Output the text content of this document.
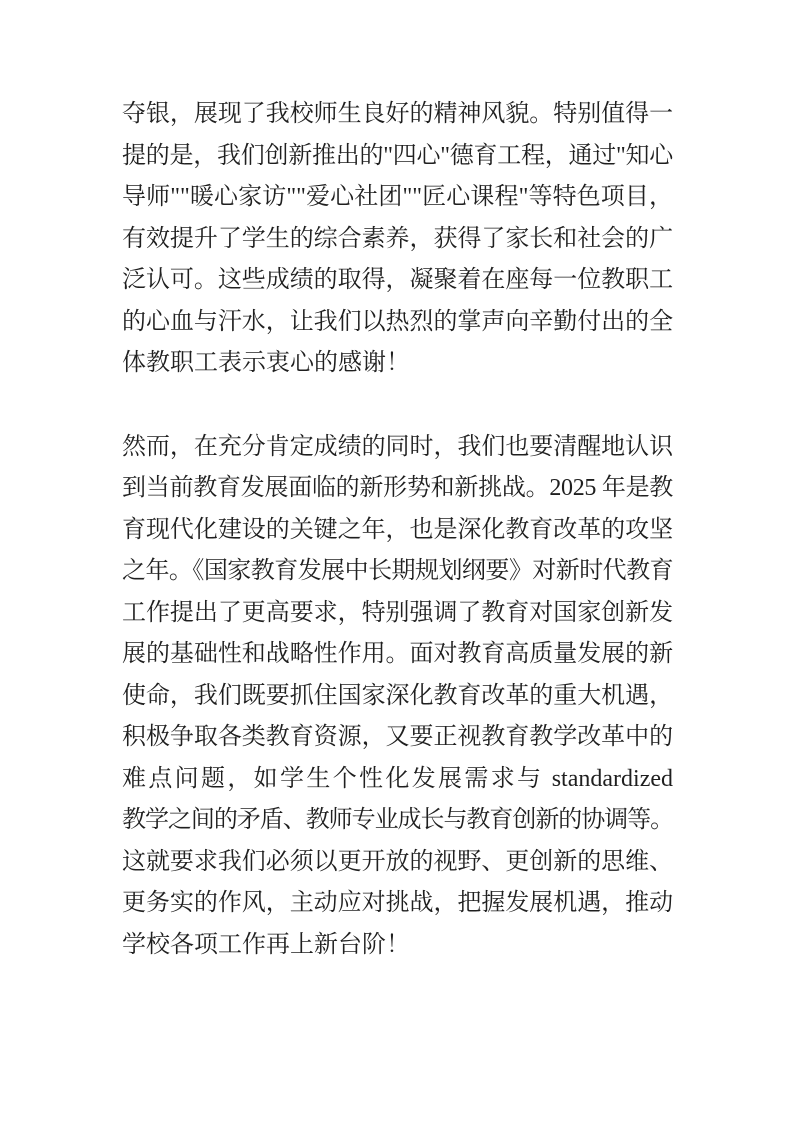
夺银，展现了我校师生良好的精神风貌。特别值得一
提的是，我们创新推出的"四心"德育工程，通过"知心
导师""暖心家访""爱心社团""匠心课程"等特色项目，
有效提升了学生的综合素养，获得了家长和社会的广
泛认可。这些成绩的取得，凝聚着在座每一位教职工
的心血与汗水，让我们以热烈的掌声向辛勤付出的全
体教职工表示衷心的感谢！
然而，在充分肯定成绩的同时，我们也要清醒地认识
到当前教育发展面临的新形势和新挑战。2025 年是教
育现代化建设的关键之年，也是深化教育改革的攻坚
之年。《国家教育发展中长期规划纲要》对新时代教育
工作提出了更高要求，特别强调了教育对国家创新发
展的基础性和战略性作用。面对教育高质量发展的新
使命，我们既要抓住国家深化教育改革的重大机遇，
积极争取各类教育资源，又要正视教育教学改革中的
难点问题，如学生个性化发展需求与 standardized
教学之间的矛盾、教师专业成长与教育创新的协调等。
这就要求我们必须以更开放的视野、更创新的思维、
更务实的作风，主动应对挑战，把握发展机遇，推动
学校各项工作再上新台阶！
